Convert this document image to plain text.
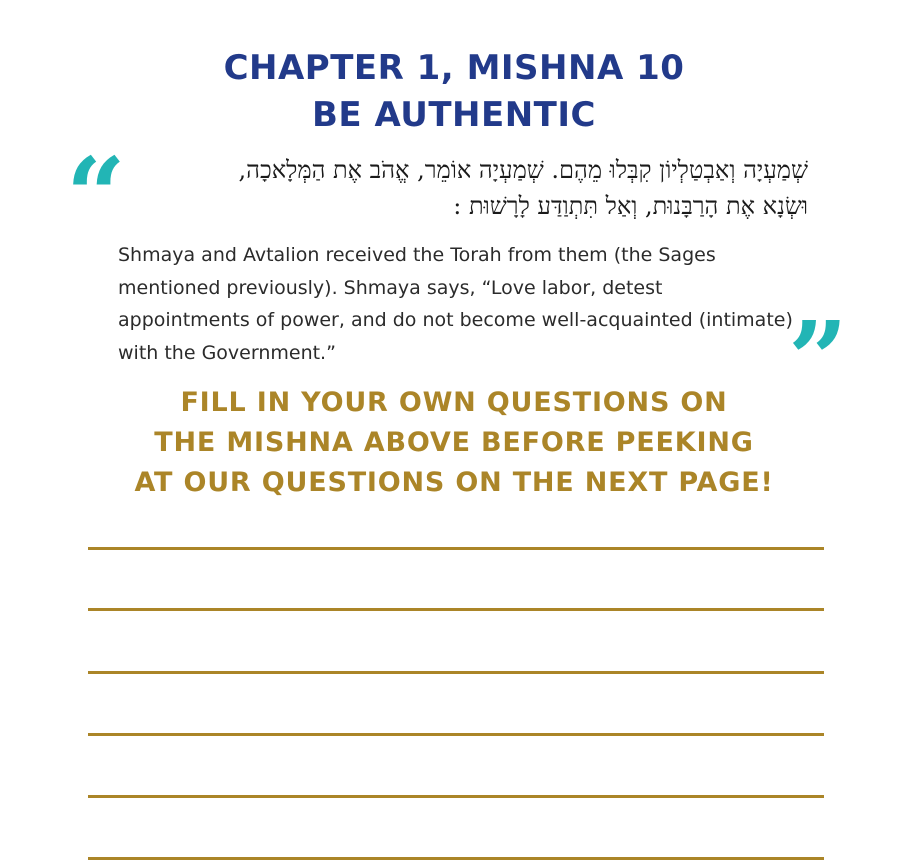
CHAPTER 1, MISHNA 10
BE AUTHENTIC
“	שְׁמַעְיָה וְאַבְטַלְיוֹן קִבְּלוּ מֵהֶם. שְׁמַעְיָה אוֹמֵר, אֱהֹב אֶת הַמְּלָאכָה, וּשְׂנָא אֶת הָרַבָּנוּת, וְאַל תִּתְוַדַּע לָרָשׁוּת :

Shmaya and Avtalion received the Torah from them (the Sages mentioned previously). Shmaya says, “Love labor, detest appointments of power, and do not become well-acquainted (intimate) with the Government.”	”

FILL IN YOUR OWN QUESTIONS ON

THE MISHNA ABOVE BEFORE PEEKING

AT OUR QUESTIONS ON THE NEXT PAGE!
